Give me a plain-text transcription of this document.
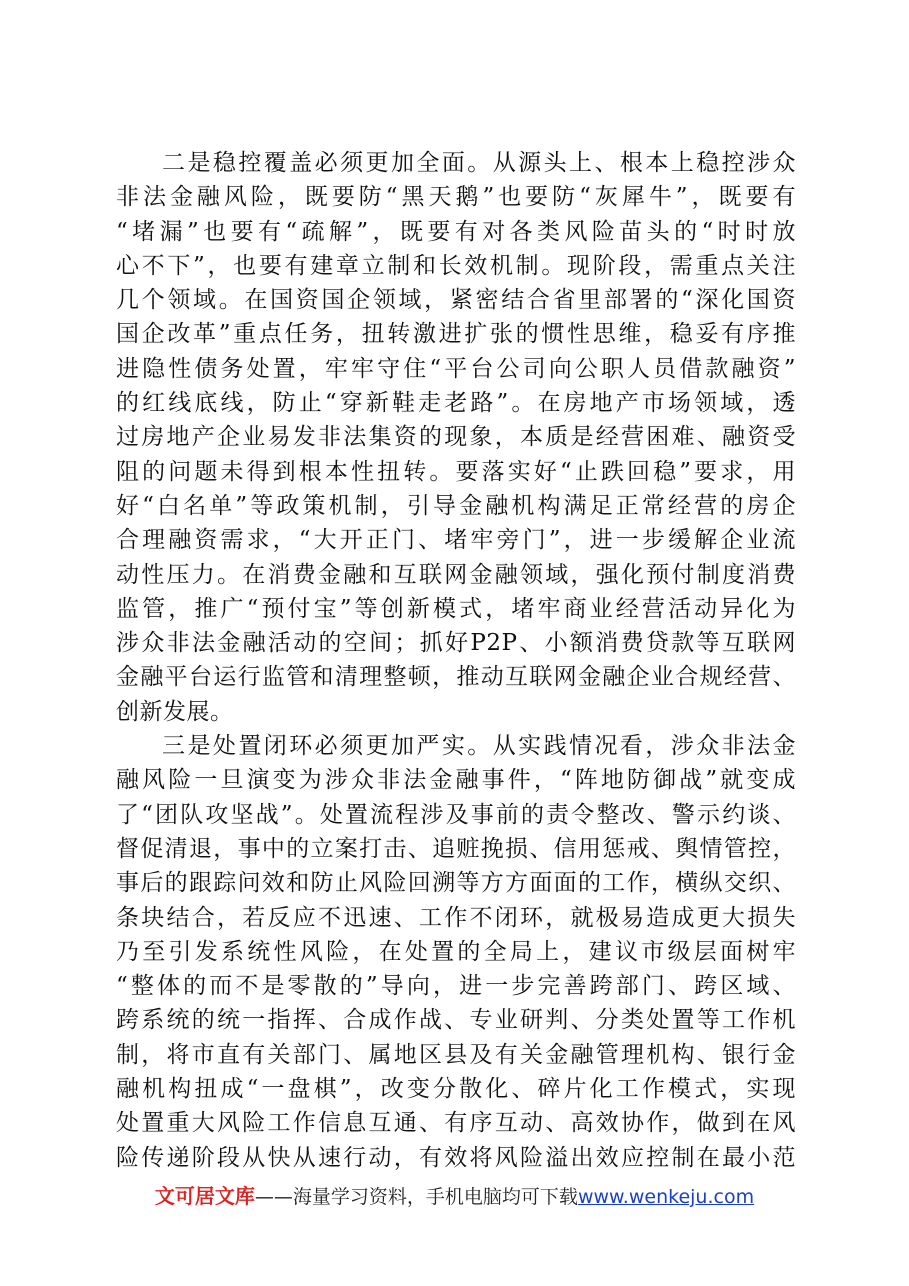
二是稳控覆盖必须更加全面。从源头上、根本上稳控涉众
非法金融风险，既要防“黑天鹅”也要防“灰犀牛”，既要有
“堵漏”也要有“疏解”，既要有对各类风险苗头的“时时放
心不下”，也要有建章立制和长效机制。现阶段，需重点关注
几个领域。在国资国企领域，紧密结合省里部署的“深化国资
国企改革”重点任务，扭转激进扩张的惯性思维，稳妥有序推
进隐性债务处置，牢牢守住“平台公司向公职人员借款融资”
的红线底线，防止“穿新鞋走老路”。在房地产市场领域，透
过房地产企业易发非法集资的现象，本质是经营困难、融资受
阻的问题未得到根本性扭转。要落实好“止跌回稳”要求，用
好“白名单”等政策机制，引导金融机构满足正常经营的房企
合理融资需求，“大开正门、堵牢旁门”，进一步缓解企业流
动性压力。在消费金融和互联网金融领域，强化预付制度消费
监管，推广“预付宝”等创新模式，堵牢商业经营活动异化为
涉众非法金融活动的空间；抓好P2P、小额消费贷款等互联网
金融平台运行监管和清理整顿，推动互联网金融企业合规经营、
创新发展。
三是处置闭环必须更加严实。从实践情况看，涉众非法金
融风险一旦演变为涉众非法金融事件，“阵地防御战”就变成
了“团队攻坚战”。处置流程涉及事前的责令整改、警示约谈、
督促清退，事中的立案打击、追赃挽损、信用惩戒、舆情管控，
事后的跟踪问效和防止风险回溯等方方面面的工作，横纵交织、
条块结合，若反应不迅速、工作不闭环，就极易造成更大损失
乃至引发系统性风险，在处置的全局上，建议市级层面树牢
“整体的而不是零散的”导向，进一步完善跨部门、跨区域、
跨系统的统一指挥、合成作战、专业研判、分类处置等工作机
制，将市直有关部门、属地区县及有关金融管理机构、银行金
融机构扭成“一盘棋”，改变分散化、碎片化工作模式，实现
处置重大风险工作信息互通、有序互动、高效协作，做到在风
险传递阶段从快从速行动，有效将风险溢出效应控制在最小范
文可居文库——海量学习资料，手机电脑均可下载www.wenkeju.com
